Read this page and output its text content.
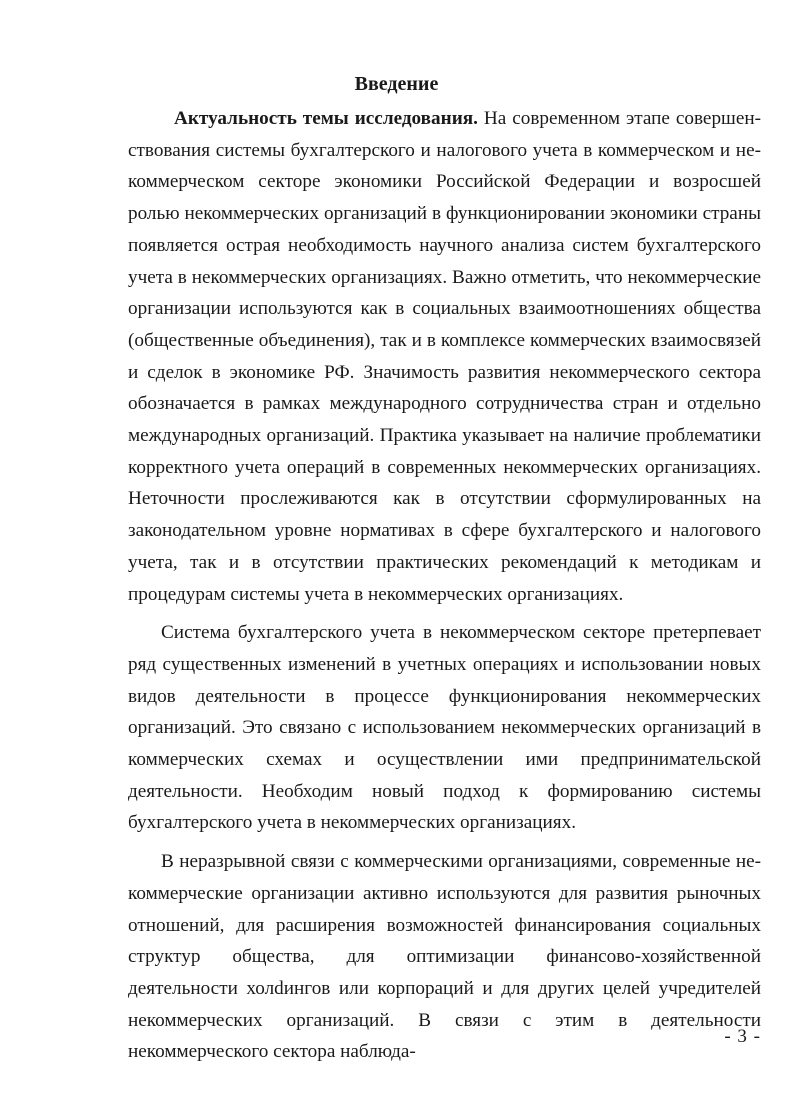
Введение

Актуальность темы исследования. На современном этапе совершенствования системы бухгалтерского и налогового учета в коммерческом и некоммерческом секторе экономики Российской Федерации и возросшей ролью некоммерческих организаций в функционировании экономики страны появляется острая необходимость научного анализа систем бухгалтерского учета в некоммерческих организациях. Важно отметить, что некоммерческие организации используются как в социальных взаимоотношениях общества (общественные объединения), так и в комплексе коммерческих взаимосвязей и сделок в экономике РФ. Значимость развития некоммерческого сектора обозначается в рамках международного сотрудничества стран и отдельно международных организаций. Практика указывает на наличие проблематики корректного учета операций в современных некоммерческих организациях. Неточности прослеживаются как в отсутствии сформулированных на законодательном уровне нормативах в сфере бухгалтерского и налогового учета, так и в отсутствии практических рекомендаций к методикам и процедурам системы учета в некоммерческих организациях.

Система бухгалтерского учета в некоммерческом секторе претерпевает ряд существенных изменений в учетных операциях и использовании новых видов деятельности в процессе функционирования некоммерческих организаций. Это связано с использованием некоммерческих организаций в коммерческих схемах и осуществлении ими предпринимательской деятельности. Необходим новый подход к формированию системы бухгалтерского учета в некоммерческих организациях.

В неразрывной связи с коммерческими организациями, современные некоммерческие организации активно используются для развития рыночных отношений, для расширения возможностей финансирования социальных структур общества, для оптимизации финансово-хозяйственной деятельности холdингов или корпораций и для других целей учредителей некоммерческих организаций. В связи с этим в деятельности некоммерческого сектора наблюда-

- 3 -
